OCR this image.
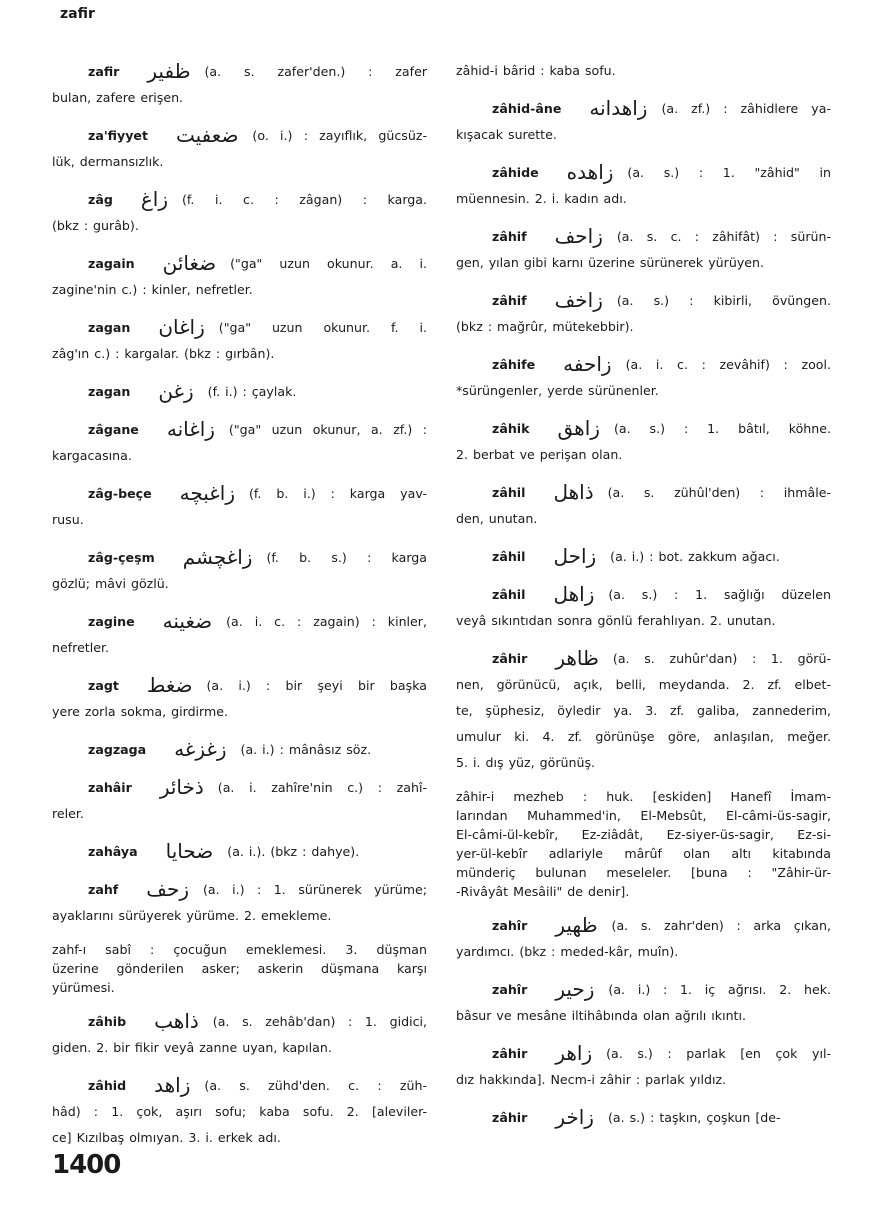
zafir
zafir ظفير (a. s. zafer'den.) : zafer
bulan, zafere erişen.
za'fiyyet ضعفيت (o. i.) : zayıflık, gücsüz-
lük, dermansızlık.
zâg زاغ (f. i. c. : zâgan) : karga.
(bkz : gurâb).
zagain ضغائن ("ga" uzun okunur. a. i.
zagine'nin c.) : kinler, nefretler.
zagan زاغان ("ga" uzun okunur. f. i.
zâg'ın c.) : kargalar. (bkz : gırbân).
zagan زغن (f. i.) : çaylak.
zâgane زاغانه ("ga" uzun okunur, a. zf.) :
kargacasına.
zâg-beçe زاغبچه (f. b. i.) : karga yav-
rusu.
zâg-çeşm زاغچشم (f. b. s.) : karga
gözlü; mâvi gözlü.
zagine ضغينه (a. i. c. : zagain) : kinler,
nefretler.
zagt ضغط (a. i.) : bir şeyi bir başka
yere zorla sokma, girdirme.
zagzaga زغزغه (a. i.) : mânâsız söz.
zahâir ذخائر (a. i. zahîre'nin c.) : zahî-
reler.
zahâya ضحايا (a. i.). (bkz : dahye).
zahf زحف (a. i.) : 1. sürünerek yürüme;
ayaklarını sürüyerek yürüme. 2. emekleme.
zahf-ı sabî : çocuğun emeklemesi. 3. düşman
üzerine gönderilen asker; askerin düşmana karşı
yürümesi.
zâhib ذاهب (a. s. zehâb'dan) : 1. gidici,
giden. 2. bir fikir veyâ zanne uyan, kapılan.
zâhid زاهد (a. s. zühd'den. c. : züh-
hâd) : 1. çok, aşırı sofu; kaba sofu. 2. [aleviler-
ce] Kızılbaş olmıyan. 3. i. erkek adı.
zâhid-i bârid : kaba sofu.
zâhid-âne زاهدانه (a. zf.) : zâhidlere ya-
kışacak surette.
zâhide زاهده (a. s.) : 1. "zâhid" in
müennesin. 2. i. kadın adı.
zâhif زاحف (a. s. c. : zâhifât) : sürün-
gen, yılan gibi karnı üzerine sürünerek yürüyen.
zâhif زاخف (a. s.) : kibirli, övüngen.
(bkz : mağrûr, mütekebbir).
zâhife زاحفه (a. i. c. : zevâhif) : zool.
*sürüngenler, yerde sürünenler.
zâhik زاهق (a. s.) : 1. bâtıl, köhne.
2. berbat ve perişan olan.
zâhil ذاهل (a. s. zühûl'den) : ihmâle-
den, unutan.
zâhil زاحل (a. i.) : bot. zakkum ağacı.
zâhil زاهل (a. s.) : 1. sağlığı düzelen
veyâ sıkıntıdan sonra gönlü ferahlıyan. 2. unutan.
zâhir ظاهر (a. s. zuhûr'dan) : 1. görü-
nen, görünücü, açık, belli, meydanda. 2. zf. elbet-
te, şüphesiz, öyledir ya. 3. zf. galiba, zannederim,
umulur ki. 4. zf. görünüşe göre, anlaşılan, meğer.
5. i. dış yüz, görünüş.
zâhir-i mezheb : huk. [eskiden] Hanefî İmam-
larından Muhammed'in, El-Mebsût, El-câmi-üs-sagir,
El-câmi-ül-kebîr, Ez-ziâdât, Ez-siyer-üs-sagir, Ez-si-
yer-ül-kebîr adlariyle mârûf olan altı kitabında
münderiç bulunan meseleler. [buna : "Zâhir-ür-
-Rivâyât Mesâili" de denir].
zahîr ظهير (a. s. zahr'den) : arka çıkan,
yardımcı. (bkz : meded-kâr, muîn).
zahîr زحير (a. i.) : 1. iç ağrısı. 2. hek.
bâsur ve mesâne iltihâbında olan ağrılı ıkıntı.
zâhir زاهر (a. s.) : parlak [en çok yıl-
dız hakkında]. Necm-i zâhir : parlak yıldız.
zâhir زاخر (a. s.) : taşkın, çoşkun [de-
1400
